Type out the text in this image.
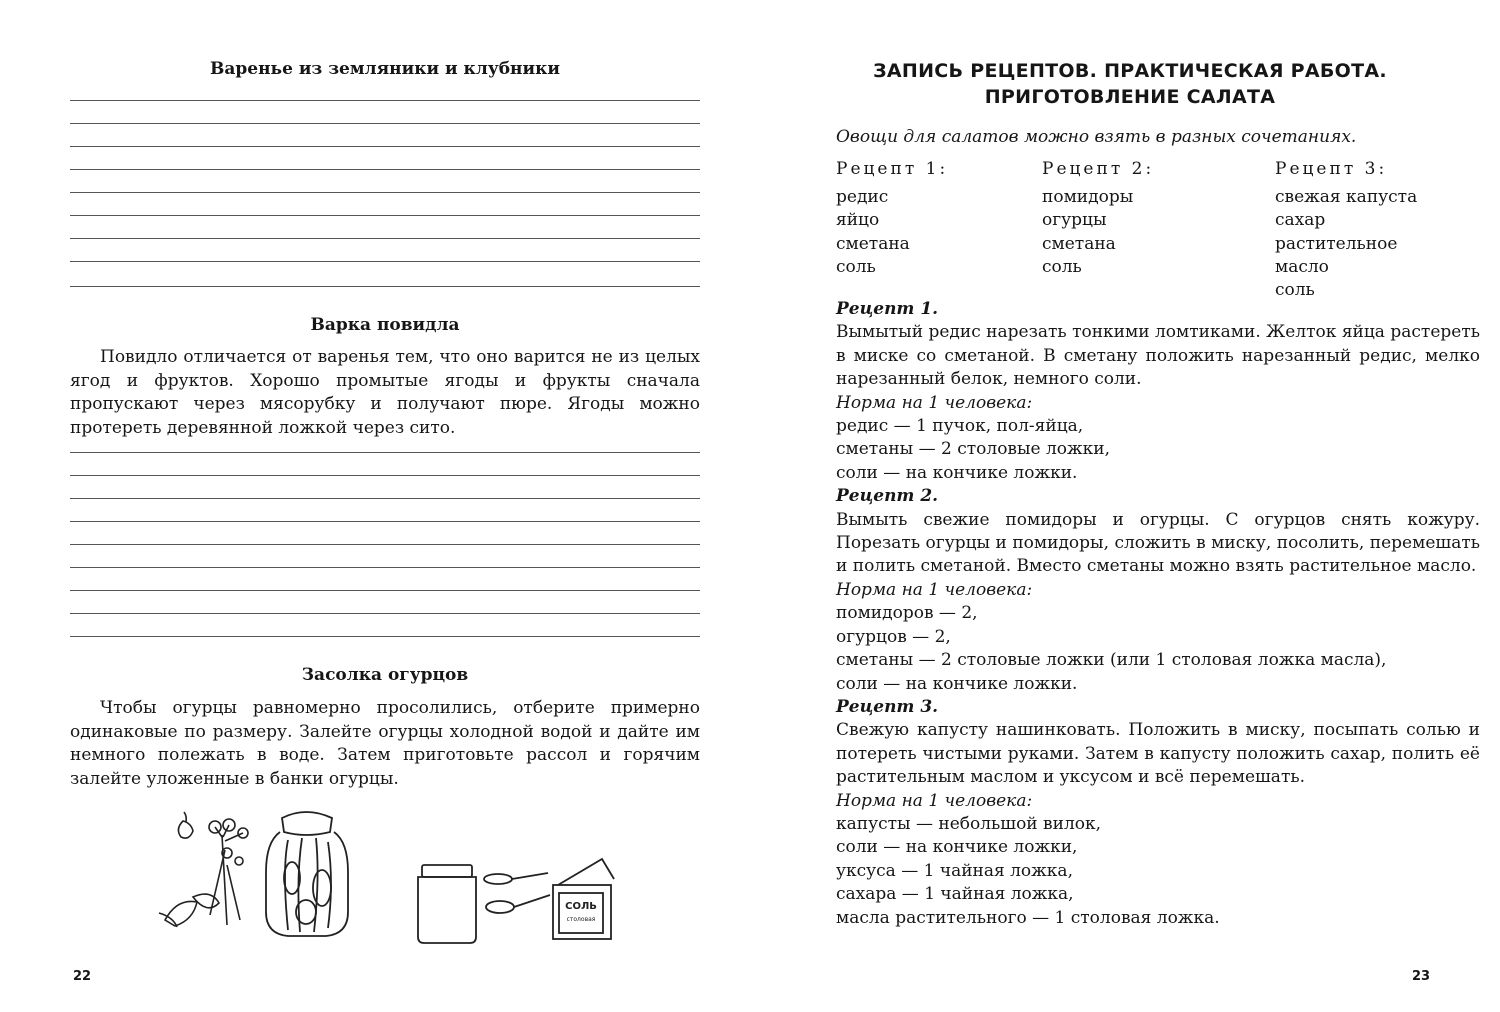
Варенье из земляники и клубники
Варка повидла

Повидло отличается от варенья тем, что оно варится не из целых ягод и фруктов. Хорошо промытые ягоды и фрукты сначала пропускают через мясорубку и получают пюре. Ягоды можно протереть деревянной ложкой через сито.

Засолка огурцов

Чтобы огурцы равномерно просолились, отберите примерно одинаковые по размеру. Залейте огурцы холодной водой и дайте им немного полежать в воде. Затем приготовьте рассол и горячим залейте уложенные в банки огурцы.

СОЛЬ
столовая
22
ЗАПИСЬ РЕЦЕПТОВ. ПРАКТИЧЕСКАЯ РАБОТА.
ПРИГОТОВЛЕНИЕ САЛАТА
Овощи для салатов можно взять в разных сочетаниях.
Рецепт 1:
редис
яйцо
сметана
соль
Рецепт 2:
помидоры
огурцы
сметана
соль
Рецепт 3:
свежая капуста
сахар
растительное
масло
соль
Рецепт 1.

Вымытый редис нарезать тонкими ломтиками. Желток яйца растереть в миске со сметаной. В сметану положить нарезанный редис, мелко нарезанный белок, немного соли.

Норма на 1 человека:
редис — 1 пучок, пол-яйца,
сметаны — 2 столовые ложки,
соли — на кончике ложки.
Рецепт 2.

Вымыть свежие помидоры и огурцы. С огурцов снять кожуру. Порезать огурцы и помидоры, сложить в миску, посолить, перемешать и полить сметаной. Вместо сметаны можно взять растительное масло.

Норма на 1 человека:
помидоров — 2,
огурцов — 2,
сметаны — 2 столовые ложки (или 1 столовая ложка масла),
соли — на кончике ложки.
Рецепт 3.

Свежую капусту нашинковать. Положить в миску, посыпать солью и потереть чистыми руками. Затем в капусту положить сахар, полить её растительным маслом и уксусом и всё перемешать.

Норма на 1 человека:
капусты — небольшой вилок,
соли — на кончике ложки,
уксуса — 1 чайная ложка,
сахара — 1 чайная ложка,
масла растительного — 1 столовая ложка.
23
